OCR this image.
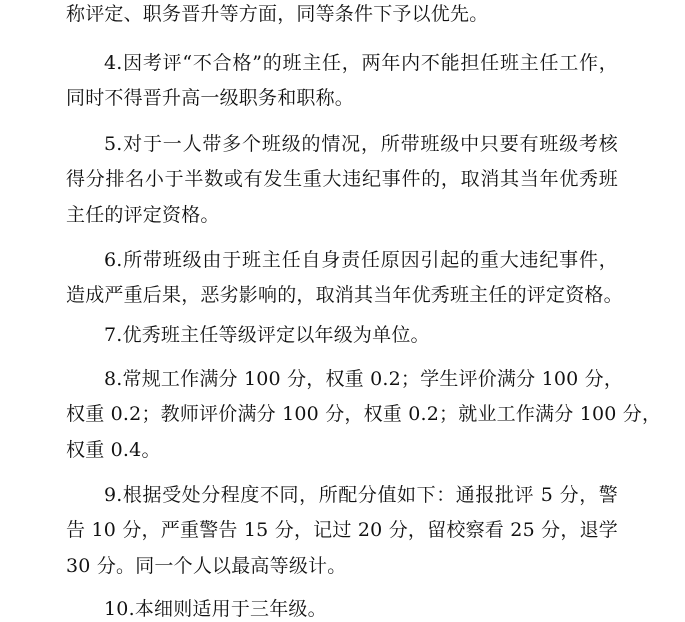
称评定、职务晋升等方面，同等条件下予以优先。
4.因考评“不合格”的班主任，两年内不能担任班主任工作，
同时不得晋升高一级职务和职称。
5.对于一人带多个班级的情况，所带班级中只要有班级考核
得分排名小于半数或有发生重大违纪事件的，取消其当年优秀班
主任的评定资格。
6.所带班级由于班主任自身责任原因引起的重大违纪事件，
造成严重后果，恶劣影响的，取消其当年优秀班主任的评定资格。
7.优秀班主任等级评定以年级为单位。
8.常规工作满分 100 分，权重 0.2；学生评价满分 100 分，
权重 0.2；教师评价满分 100 分，权重 0.2；就业工作满分 100 分，
权重 0.4。
9.根据受处分程度不同，所配分值如下：通报批评 5 分，警
告 10 分，严重警告 15 分，记过 20 分，留校察看 25 分，退学
30 分。同一个人以最高等级计。
10.本细则适用于三年级。
